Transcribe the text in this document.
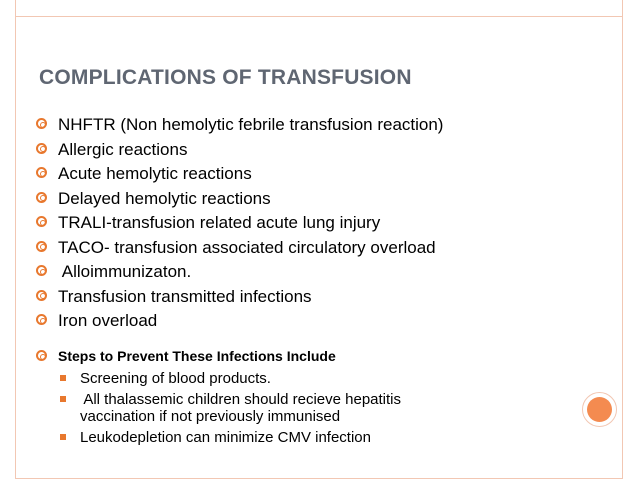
COMPLICATIONS OF TRANSFUSION
NHFTR (Non hemolytic febrile transfusion reaction)
Allergic reactions
Acute hemolytic reactions
Delayed hemolytic reactions
TRALI-transfusion related acute lung injury
TACO- transfusion associated circulatory overload
Alloimmunizaton.
Transfusion transmitted infections
Iron overload
Steps to Prevent These Infections Include
Screening of blood products.
All thalassemic children should recieve hepatitis
vaccination if not previously immunised
Leukodepletion can minimize CMV infection
